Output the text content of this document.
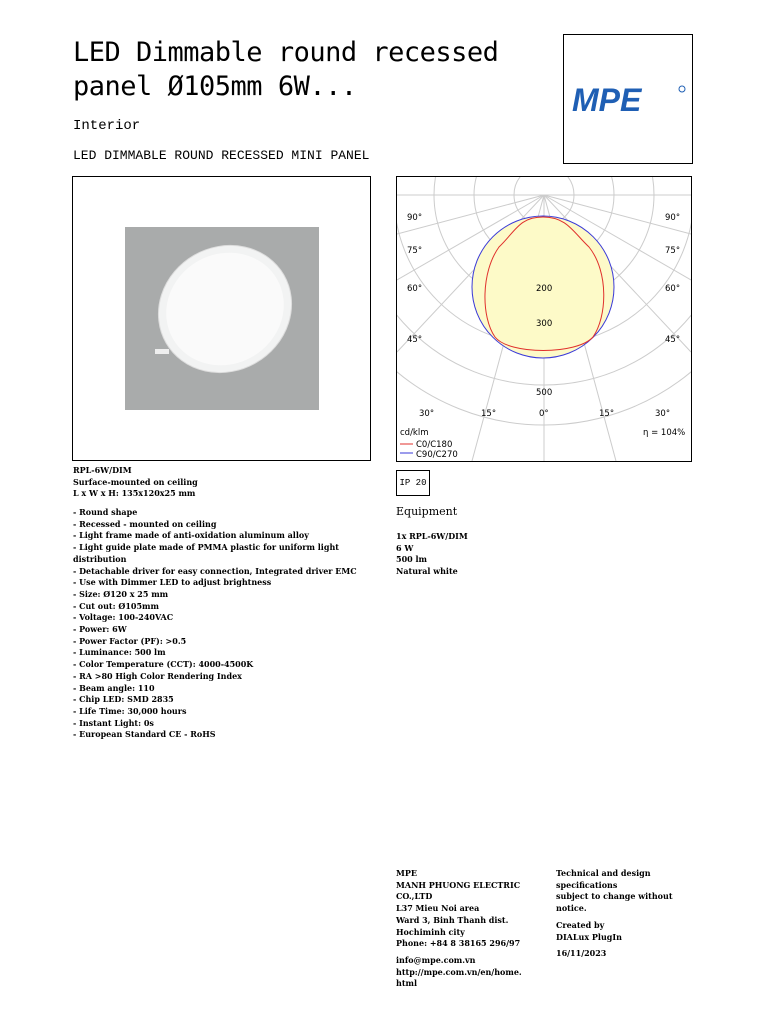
LED Dimmable round recessed
panel Ø105mm 6W...
Interior
LED DIMMABLE ROUND RECESSED MINI PANEL
MPE
90°
75°
60°
45°
30°	15°
90°
75°
60°
45°
15°	30°
0°
200
300
500
cd/klm	η = 104%
C0/C180
C90/C270
RPL-6W/DIM
Surface-mounted on ceiling
L x W x H: 135x120x25 mm
- Round shape
- Recessed - mounted on ceiling
- Light frame made of anti-oxidation aluminum alloy
- Light guide plate made of PMMA plastic for uniform light distribution
- Detachable driver for easy connection, Integrated driver EMC
- Use with Dimmer LED to adjust brightness
- Size: Ø120 x 25 mm
- Cut out: Ø105mm
- Voltage: 100-240VAC
- Power: 6W
- Power Factor (PF): >0.5
- Luminance: 500 lm
- Color Temperature (CCT): 4000-4500K
- RA >80 High Color Rendering Index
- Beam angle: 110
- Chip LED: SMD 2835
- Life Time: 30,000 hours
- Instant Light: 0s
- European Standard CE - RoHS
IP 20
Equipment
1x RPL-6W/DIM
6 W
500 lm
Natural white
MPE
MANH PHUONG ELECTRIC
CO.,LTD
L37 Mieu Noi area
Ward 3, Binh Thanh dist.
Hochiminh city
Phone: +84 8 38165 296/97
info@mpe.com.vn
http://mpe.com.vn/en/home.
html
Technical and design
specifications
subject to change without
notice.
Created by
DIALux PlugIn
16/11/2023
